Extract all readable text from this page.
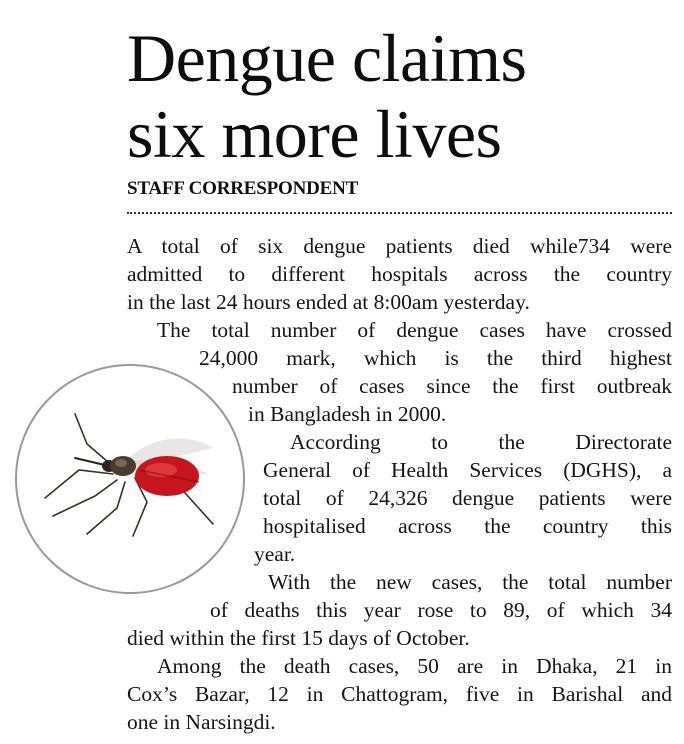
Dengue claims
six more lives
STAFF CORRESPONDENT
A total of six dengue patients died while734 were
admitted to different hospitals across the country
in the last 24 hours ended at 8:00am yesterday.
The total number of dengue cases have crossed
24,000 mark, which is the third highest
number of cases since the first outbreak
in Bangladesh in 2000.
According to the Directorate
General of Health Services (DGHS), a
total of 24,326 dengue patients were
hospitalised across the country this
year.
With the new cases, the total number
of deaths this year rose to 89, of which 34
died within the first 15 days of October.
Among the death cases, 50 are in Dhaka, 21 in
Cox’s Bazar, 12 in Chattogram, five in Barishal and
one in Narsingdi.
